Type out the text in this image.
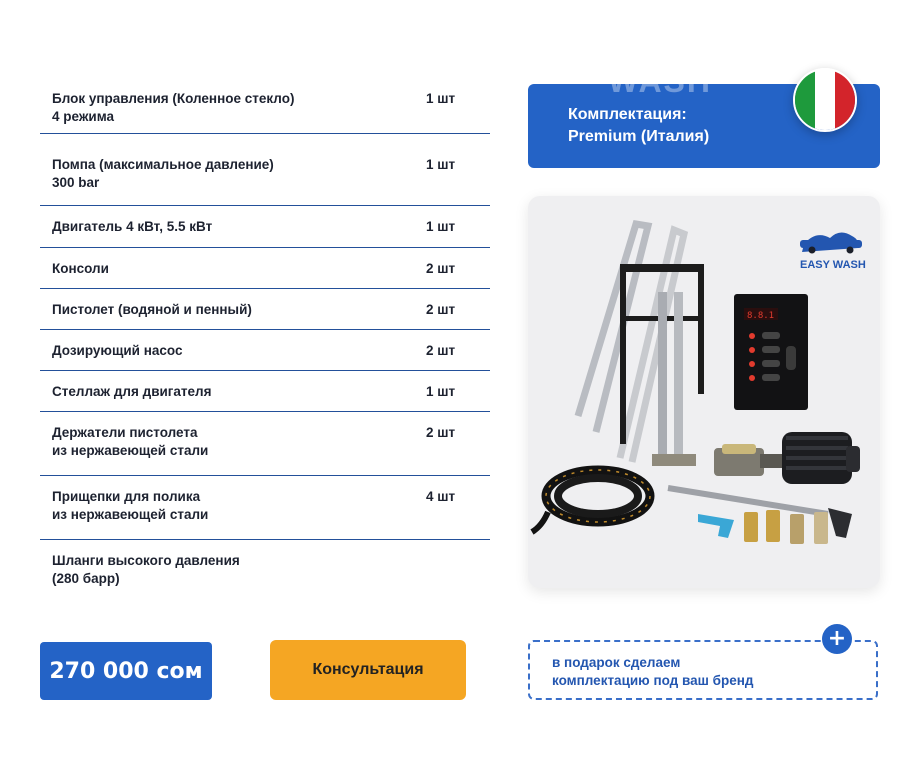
Блок управления (Коленное стекло)
4 режима
1 шт
Помпа (максимальное давление)
300 bar
1 шт
Двигатель 4 кВт, 5.5 кВт	1 шт
Консоли	2 шт
Пистолет (водяной и пенный)	2 шт
Дозирующий насос	2 шт
Стеллаж для двигателя	1 шт
Держатели пистолета
из нержавеющей стали
2 шт
Прищепки для полика
из нержавеющей стали
4 шт
Шланги высокого давления
(280 барр)
WASH
Комплектация:
Premium (Италия)
EASY WASH
8.8.1
270 000 сом	Консультация	в подарок сделаем
комплектацию под ваш бренд
+
